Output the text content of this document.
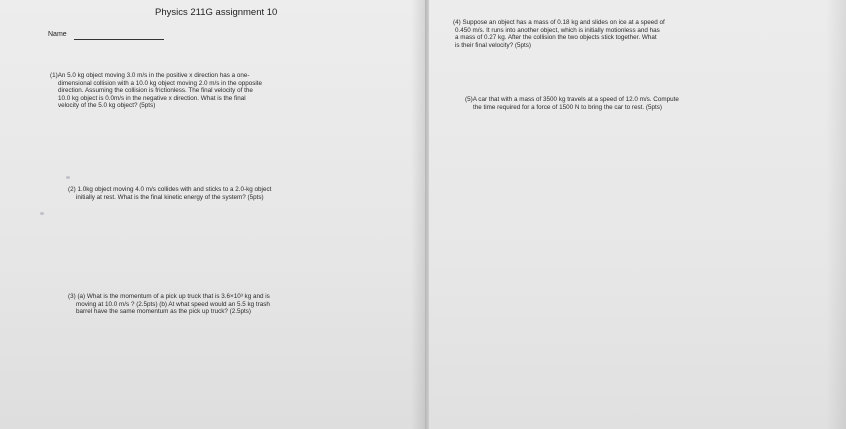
Physics 211G assignment 10
Name
(1)An 5.0 kg object moving 3.0 m/s in the positive x direction has a one-
dimensional collision with a 10.0 kg object moving 2.0 m/s in the opposite
direction. Assuming the collision is frictionless. The final velocity of the
10.0 kg object is 0.0m/s in the negative x direction. What is the final
velocity of the 5.0 kg object? (5pts)
(2) 1.0kg object moving 4.0 m/s collides with and sticks to a 2.0-kg object
initially at rest. What is the final kinetic energy of the system? (5pts)
(3) (a) What is the momentum of a pick up truck that is 3.6×10³ kg and is
moving at 10.0 m/s ? (2.5pts) (b) At what speed would an 5.5 kg trash
barrel have the same momentum as the pick up truck? (2.5pts)
(4) Suppose an object has a mass of 0.18 kg and slides on ice at a speed of
0.450 m/s. It runs into another object, which is initially motionless and has
a mass of 0.27 kg. After the collision the two objects stick together. What
is their final velocity? (5pts)
(5)A car that with a mass of 3500 kg travels at a speed of 12.0 m/s. Compute
the time required for a force of 1500 N to bring the car to rest. (5pts)
